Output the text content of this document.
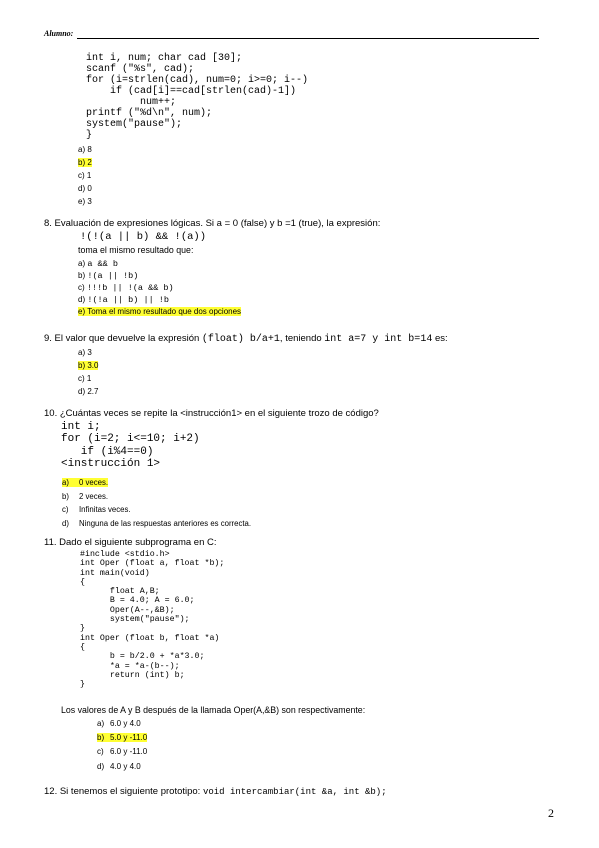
Alumno:
int i, num; char cad [30];
scanf ("%s", cad);
for (i=strlen(cad), num=0; i>=0; i--)
if (cad[i]==cad[strlen(cad)-1])
num++;
printf ("%d\n", num);
system("pause");
}
a) 8
b) 2
c) 1
d) 0
e) 3
8. Evaluación de expresiones lógicas. Si a = 0 (false) y b =1 (true), la expresión:
!(!(a || b) && !(a))
toma el mismo resultado que:
a) a && b
b) !(a || !b)
c) !!!b || !(a && b)
d) !(!a || b) || !b
e) Toma el mismo resultado que dos opciones
9. El valor que devuelve la expresión (float) b/a+1, teniendo int a=7 y int b=14 es:
a) 3
b) 3.0
c) 1
d) 2.7
10. ¿Cuántas veces se repite la <instrucción1> en el siguiente trozo de código?
int i;
for (i=2; i<=10; i+2)
if (i%4==0)
<instrucción 1>
a) 0 veces.
b) 2 veces.
c) Infinitas veces.
d) Ninguna de las respuestas anteriores es correcta.
11. Dado el siguiente subprograma en C:
#include <stdio.h>
int Oper (float a, float *b);
int main(void)
{
float A,B;
B = 4.0; A = 6.0;
Oper(A--,&B);
system("pause");
}
int Oper (float b, float *a)
{
b = b/2.0 + *a*3.0;
*a = *a-(b--);
return (int) b;
}
Los valores de A y B después de la llamada Oper(A,&B) son respectivamente:
a) 6.0 y 4.0
b) 5.0 y -11.0
c) 6.0 y -11.0
d) 4.0 y 4.0
12. Si tenemos el siguiente prototipo: void intercambiar(int &a, int &b);
2
